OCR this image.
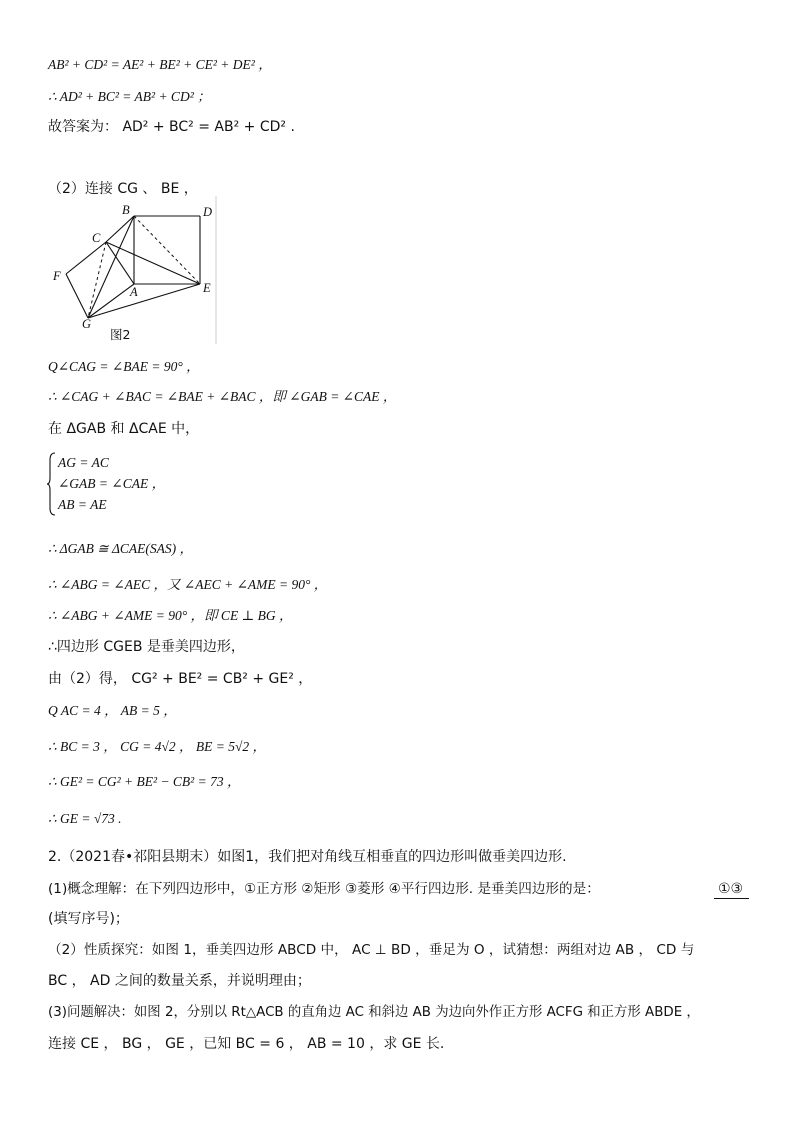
AB² + CD² = AE² + BE² + CE² + DE² ，
∴ AD² + BC² = AB² + CD² ；
故答案为： AD² + BC² = AB² + CD² .
（2）连接 CG 、 BE ，
B	D
C
F
A	E
G
图2
Q∠CAG = ∠BAE = 90° ，
∴ ∠CAG + ∠BAC = ∠BAE + ∠BAC ，即 ∠GAB = ∠CAE ，
在 ΔGAB 和 ΔCAE 中，
AG = AC
∠GAB = ∠CAE ，
AB = AE
∴ ΔGAB ≅ ΔCAE(SAS) ，
∴ ∠ABG = ∠AEC ，又 ∠AEC + ∠AME = 90° ，
∴ ∠ABG + ∠AME = 90° ，即 CE ⊥ BG ，
∴四边形 CGEB 是垂美四边形，
由（2）得， CG² + BE² = CB² + GE² ，
Q AC = 4 ， AB = 5 ，
∴ BC = 3 ， CG = 4√2 ， BE = 5√2 ，
∴ GE² = CG² + BE² − CB² = 73 ，
∴ GE = √73 .
2.（2021春•祁阳县期末）如图1，我们把对角线互相垂直的四边形叫做垂美四边形.
(1)概念理解：在下列四边形中，①正方形 ②矩形 ③菱形 ④平行四边形. 是垂美四边形的是：	①③
(填写序号)；
（2）性质探究：如图 1，垂美四边形 ABCD 中， AC ⊥ BD ，垂足为 O ，试猜想：两组对边 AB ， CD 与
BC ， AD 之间的数量关系，并说明理由；
(3)问题解决：如图 2，分别以 Rt△ACB 的直角边 AC 和斜边 AB 为边向外作正方形 ACFG 和正方形 ABDE ，
连接 CE ， BG ， GE ，已知 BC = 6 ， AB = 10 ，求 GE 长.
